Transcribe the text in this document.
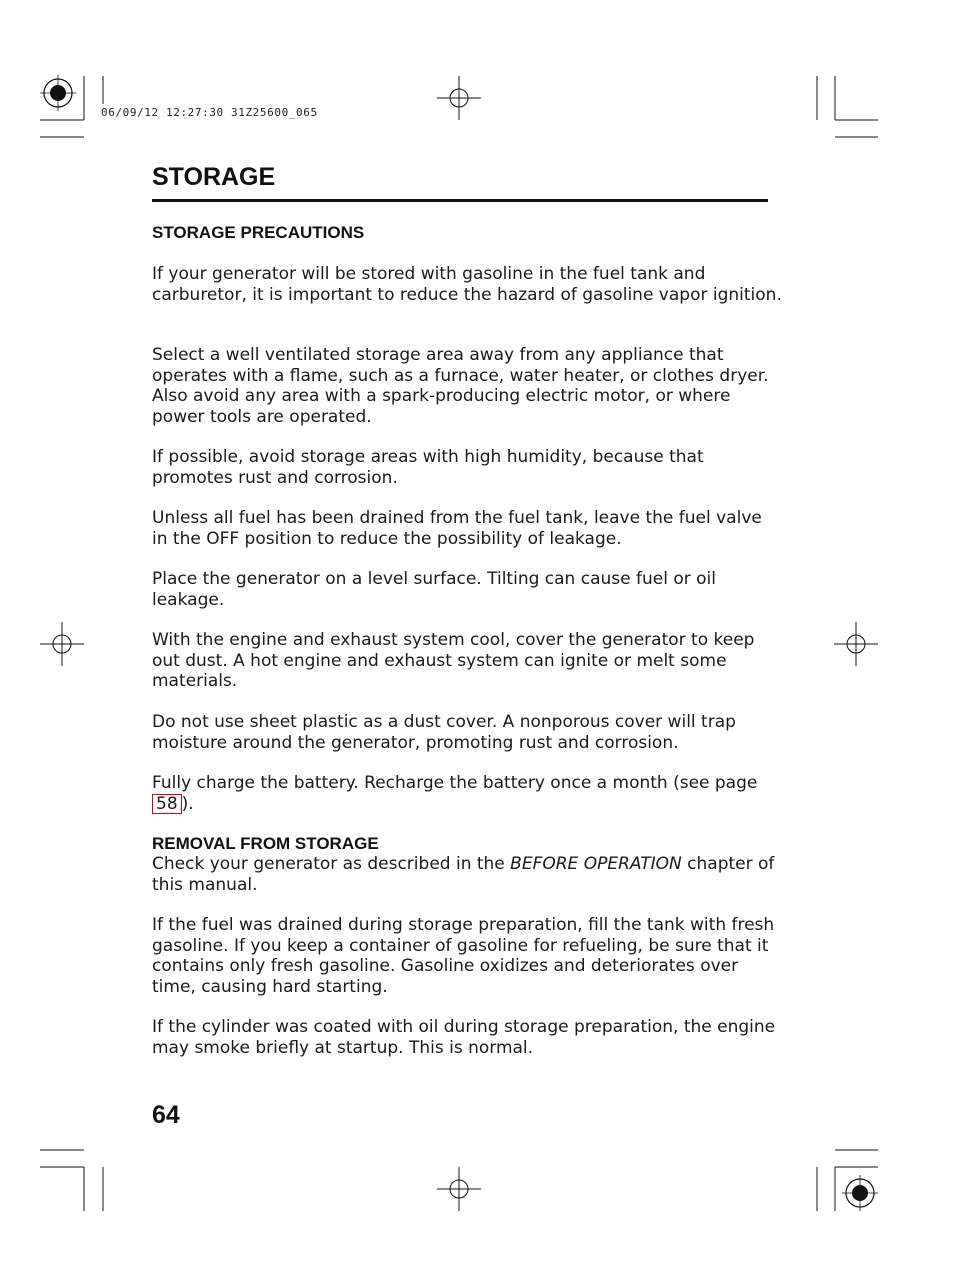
06/09/12 12:27:30 31Z25600_065
STORAGE
STORAGE PRECAUTIONS
If your generator will be stored with gasoline in the fuel tank and carburetor, it is important to reduce the hazard of gasoline vapor ignition.
Select a well ventilated storage area away from any appliance that operates with a flame, such as a furnace, water heater, or clothes dryer. Also avoid any area with a spark-producing electric motor, or where power tools are operated.
If possible, avoid storage areas with high humidity, because that promotes rust and corrosion.
Unless all fuel has been drained from the fuel tank, leave the fuel valve in the OFF position to reduce the possibility of leakage.
Place the generator on a level surface. Tilting can cause fuel or oil leakage.
With the engine and exhaust system cool, cover the generator to keep out dust. A hot engine and exhaust system can ignite or melt some materials.
Do not use sheet plastic as a dust cover. A nonporous cover will trap moisture around the generator, promoting rust and corrosion.
Fully charge the battery. Recharge the battery once a month (see page 58 ).
REMOVAL FROM STORAGE
Check your generator as described in the BEFORE OPERATION chapter of this manual.
If the fuel was drained during storage preparation, fill the tank with fresh gasoline. If you keep a container of gasoline for refueling, be sure that it contains only fresh gasoline. Gasoline oxidizes and deteriorates over time, causing hard starting.
If the cylinder was coated with oil during storage preparation, the engine may smoke briefly at startup. This is normal.
64
